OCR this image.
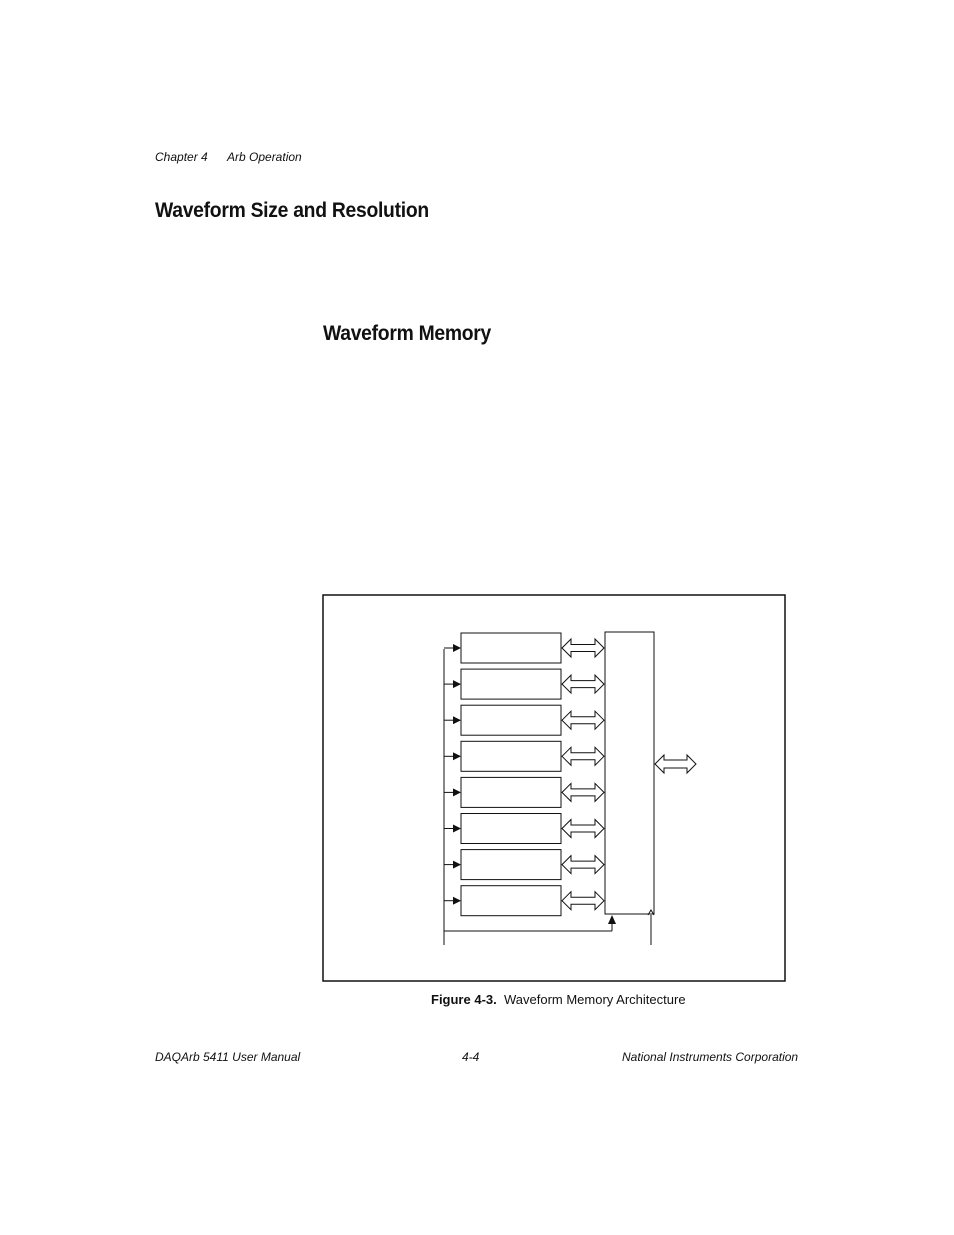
Chapter 4 Arb Operation
Waveform Size and Resolution
Waveform Memory
Figure 4-3. Waveform Memory Architecture
DAQArb 5411 User Manual	4-4	National Instruments Corporation
